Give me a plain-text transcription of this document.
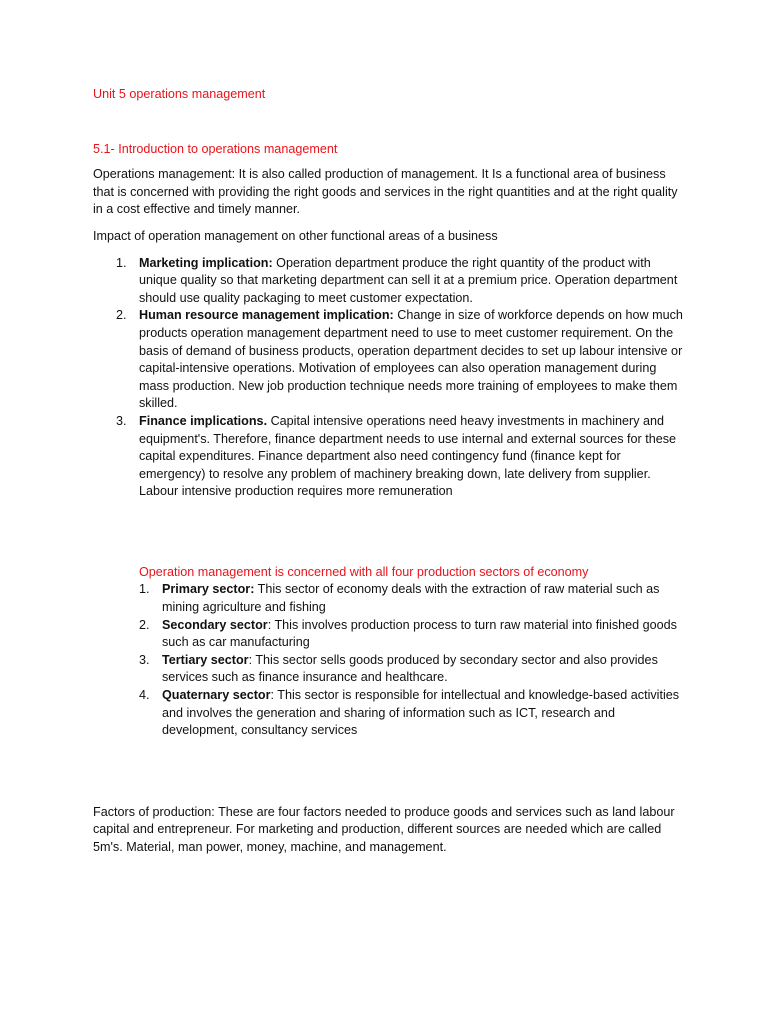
Unit 5 operations management

5.1- Introduction to operations management

Operations management: It is also called production of management. It Is a functional area of business that is concerned with providing the right goods and services in the right quantities and at the right quality in a cost effective and timely manner.

Impact of operation management on other functional areas of a business

1. Marketing implication: Operation department produce the right quantity of the product with unique quality so that marketing department can sell it at a premium price. Operation department should use quality packaging to meet customer expectation.
2. Human resource management implication: Change in size of workforce depends on how much products operation management department need to use to meet customer requirement. On the basis of demand of business products, operation department decides to set up labour intensive or capital-intensive operations. Motivation of employees can also operation management during mass production. New job production technique needs more training of employees to make them skilled.
3. Finance implications. Capital intensive operations need heavy investments in machinery and equipment's. Therefore, finance department needs to use internal and external sources for these capital expenditures. Finance department also need contingency fund (finance kept for emergency) to resolve any problem of machinery breaking down, late delivery from supplier. Labour intensive production requires more remuneration

Operation management is concerned with all four production sectors of economy

1. Primary sector: This sector of economy deals with the extraction of raw material such as mining agriculture and fishing
2. Secondary sector: This involves production process to turn raw material into finished goods such as car manufacturing
3. Tertiary sector: This sector sells goods produced by secondary sector and also provides services such as finance insurance and healthcare.
4. Quaternary sector: This sector is responsible for intellectual and knowledge-based activities and involves the generation and sharing of information such as ICT, research and development, consultancy services

Factors of production: These are four factors needed to produce goods and services such as land labour capital and entrepreneur. For marketing and production, different sources are needed which are called 5m's. Material, man power, money, machine, and management.
